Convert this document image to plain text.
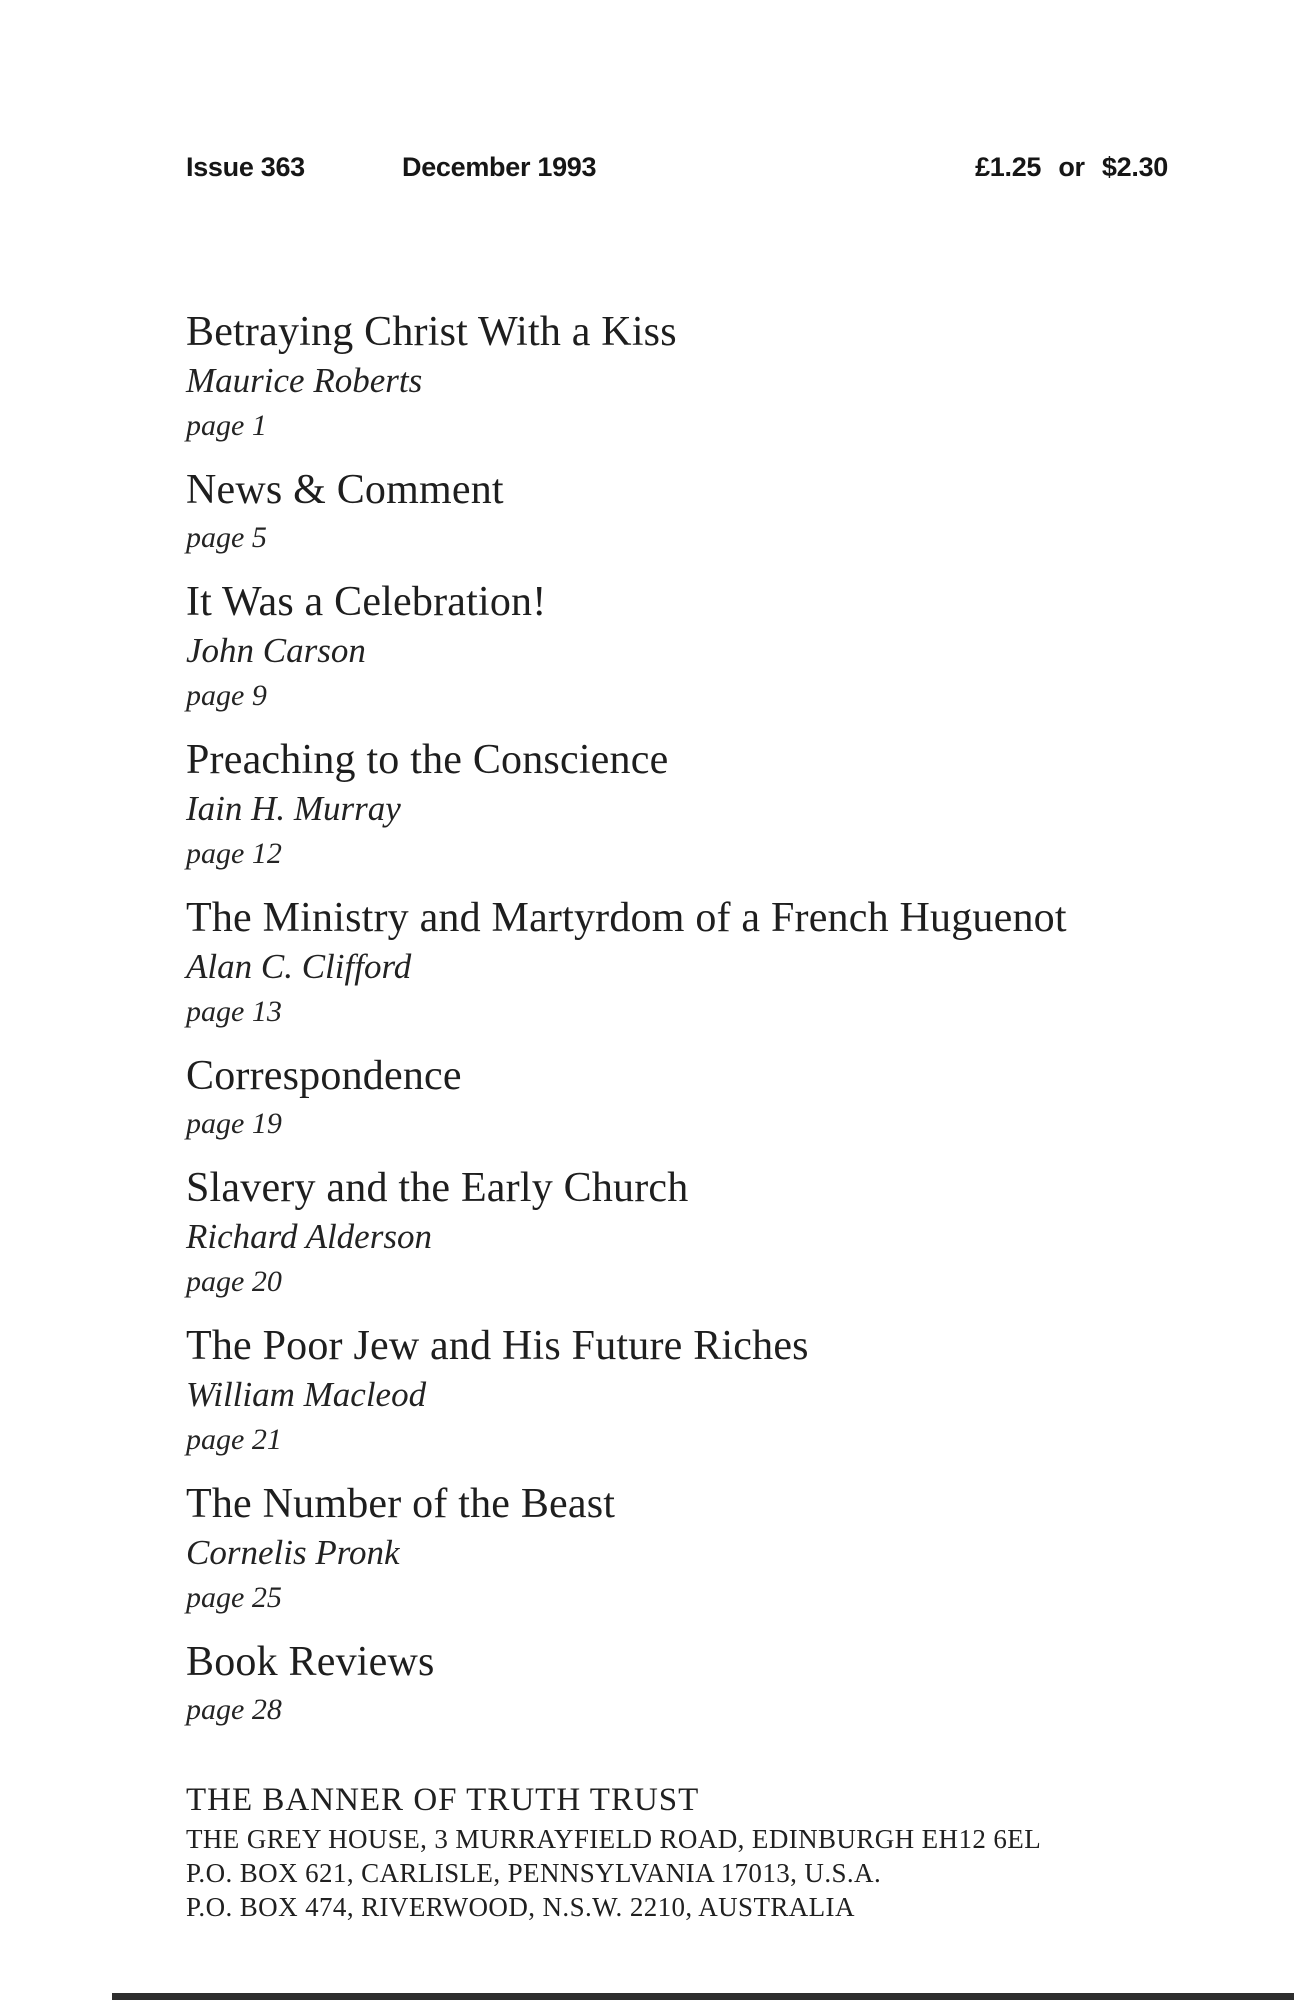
Issue 363	December 1993	£1.25 or $2.30
Betraying Christ With a Kiss
Maurice Roberts
page 1
News & Comment
page 5
It Was a Celebration!
John Carson
page 9
Preaching to the Conscience
Iain H. Murray
page 12
The Ministry and Martyrdom of a French Huguenot
Alan C. Clifford
page 13
Correspondence
page 19
Slavery and the Early Church
Richard Alderson
page 20
The Poor Jew and His Future Riches
William Macleod
page 21
The Number of the Beast
Cornelis Pronk
page 25
Book Reviews
page 28
THE BANNER OF TRUTH TRUST
THE GREY HOUSE, 3 MURRAYFIELD ROAD, EDINBURGH EH12 6EL
P.O. BOX 621, CARLISLE, PENNSYLVANIA 17013, U.S.A.
P.O. BOX 474, RIVERWOOD, N.S.W. 2210, AUSTRALIA
